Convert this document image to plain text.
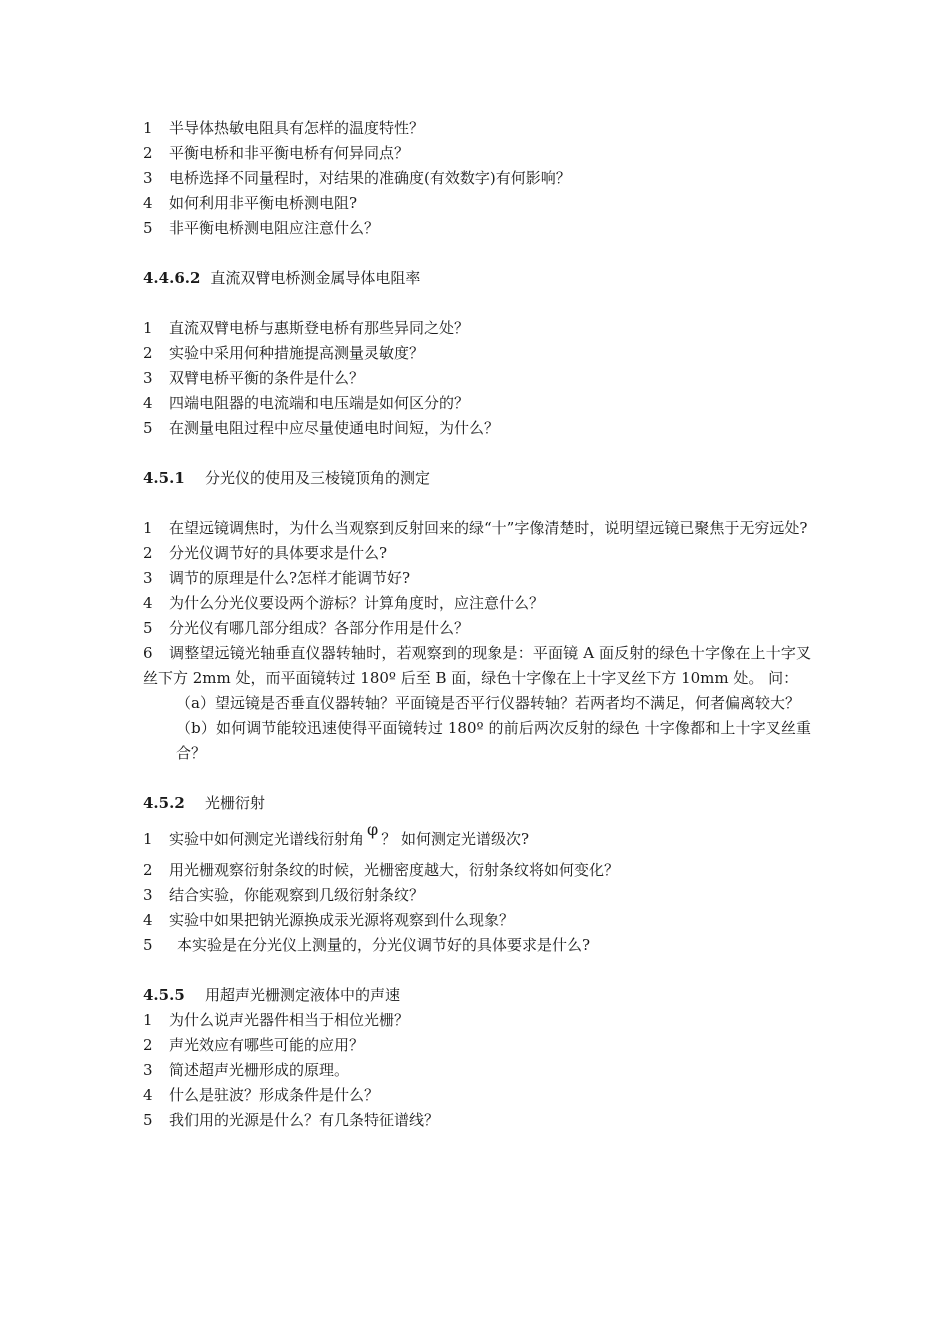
1 半导体热敏电阻具有怎样的温度特性？
2 平衡电桥和非平衡电桥有何异同点？
3 电桥选择不同量程时，对结果的准确度(有效数字)有何影响？
4 如何利用非平衡电桥测电阻?
5 非平衡电桥测电阻应注意什么？
4.4.6.2 直流双臂电桥测金属导体电阻率
1 直流双臂电桥与惠斯登电桥有那些异同之处？
2 实验中采用何种措施提高测量灵敏度？
3 双臂电桥平衡的条件是什么？
4 四端电阻器的电流端和电压端是如何区分的？
5 在测量电阻过程中应尽量使通电时间短，为什么？
4.5.1 分光仪的使用及三棱镜顶角的测定
1 在望远镜调焦时，为什么当观察到反射回来的绿“十”字像清楚时，说明望远镜已聚焦于无穷远处?
2 分光仪调节好的具体要求是什么?
3 调节的原理是什么?怎样才能调节好?
4 为什么分光仪要设两个游标？计算角度时，应注意什么？
5 分光仪有哪几部分组成？各部分作用是什么？
6 调整望远镜光轴垂直仪器转轴时，若观察到的现象是：平面镜 A 面反射的绿色十字像在上十字叉丝下方 2mm 处，而平面镜转过 180º 后至 B 面，绿色十字像在上十字叉丝下方 10mm 处。 问：
（a）望远镜是否垂直仪器转轴？平面镜是否平行仪器转轴？若两者均不满足，何者偏离较大？
（b）如何调节能较迅速使得平面镜转过 180º 的前后两次反射的绿色 十字像都和上十字叉丝重合？
4.5.2 光栅衍射
1 实验中如何测定光谱线衍射角 φ ？ 如何测定光谱级次?
2 用光栅观察衍射条纹的时候，光栅密度越大，衍射条纹将如何变化？
3 结合实验，你能观察到几级衍射条纹？
4 实验中如果把钠光源换成汞光源将观察到什么现象？
5 本实验是在分光仪上测量的，分光仪调节好的具体要求是什么?
4.5.5 用超声光栅测定液体中的声速
1 为什么说声光器件相当于相位光栅？
2 声光效应有哪些可能的应用？
3 简述超声光栅形成的原理。
4 什么是驻波？形成条件是什么？
5 我们用的光源是什么？有几条特征谱线？
